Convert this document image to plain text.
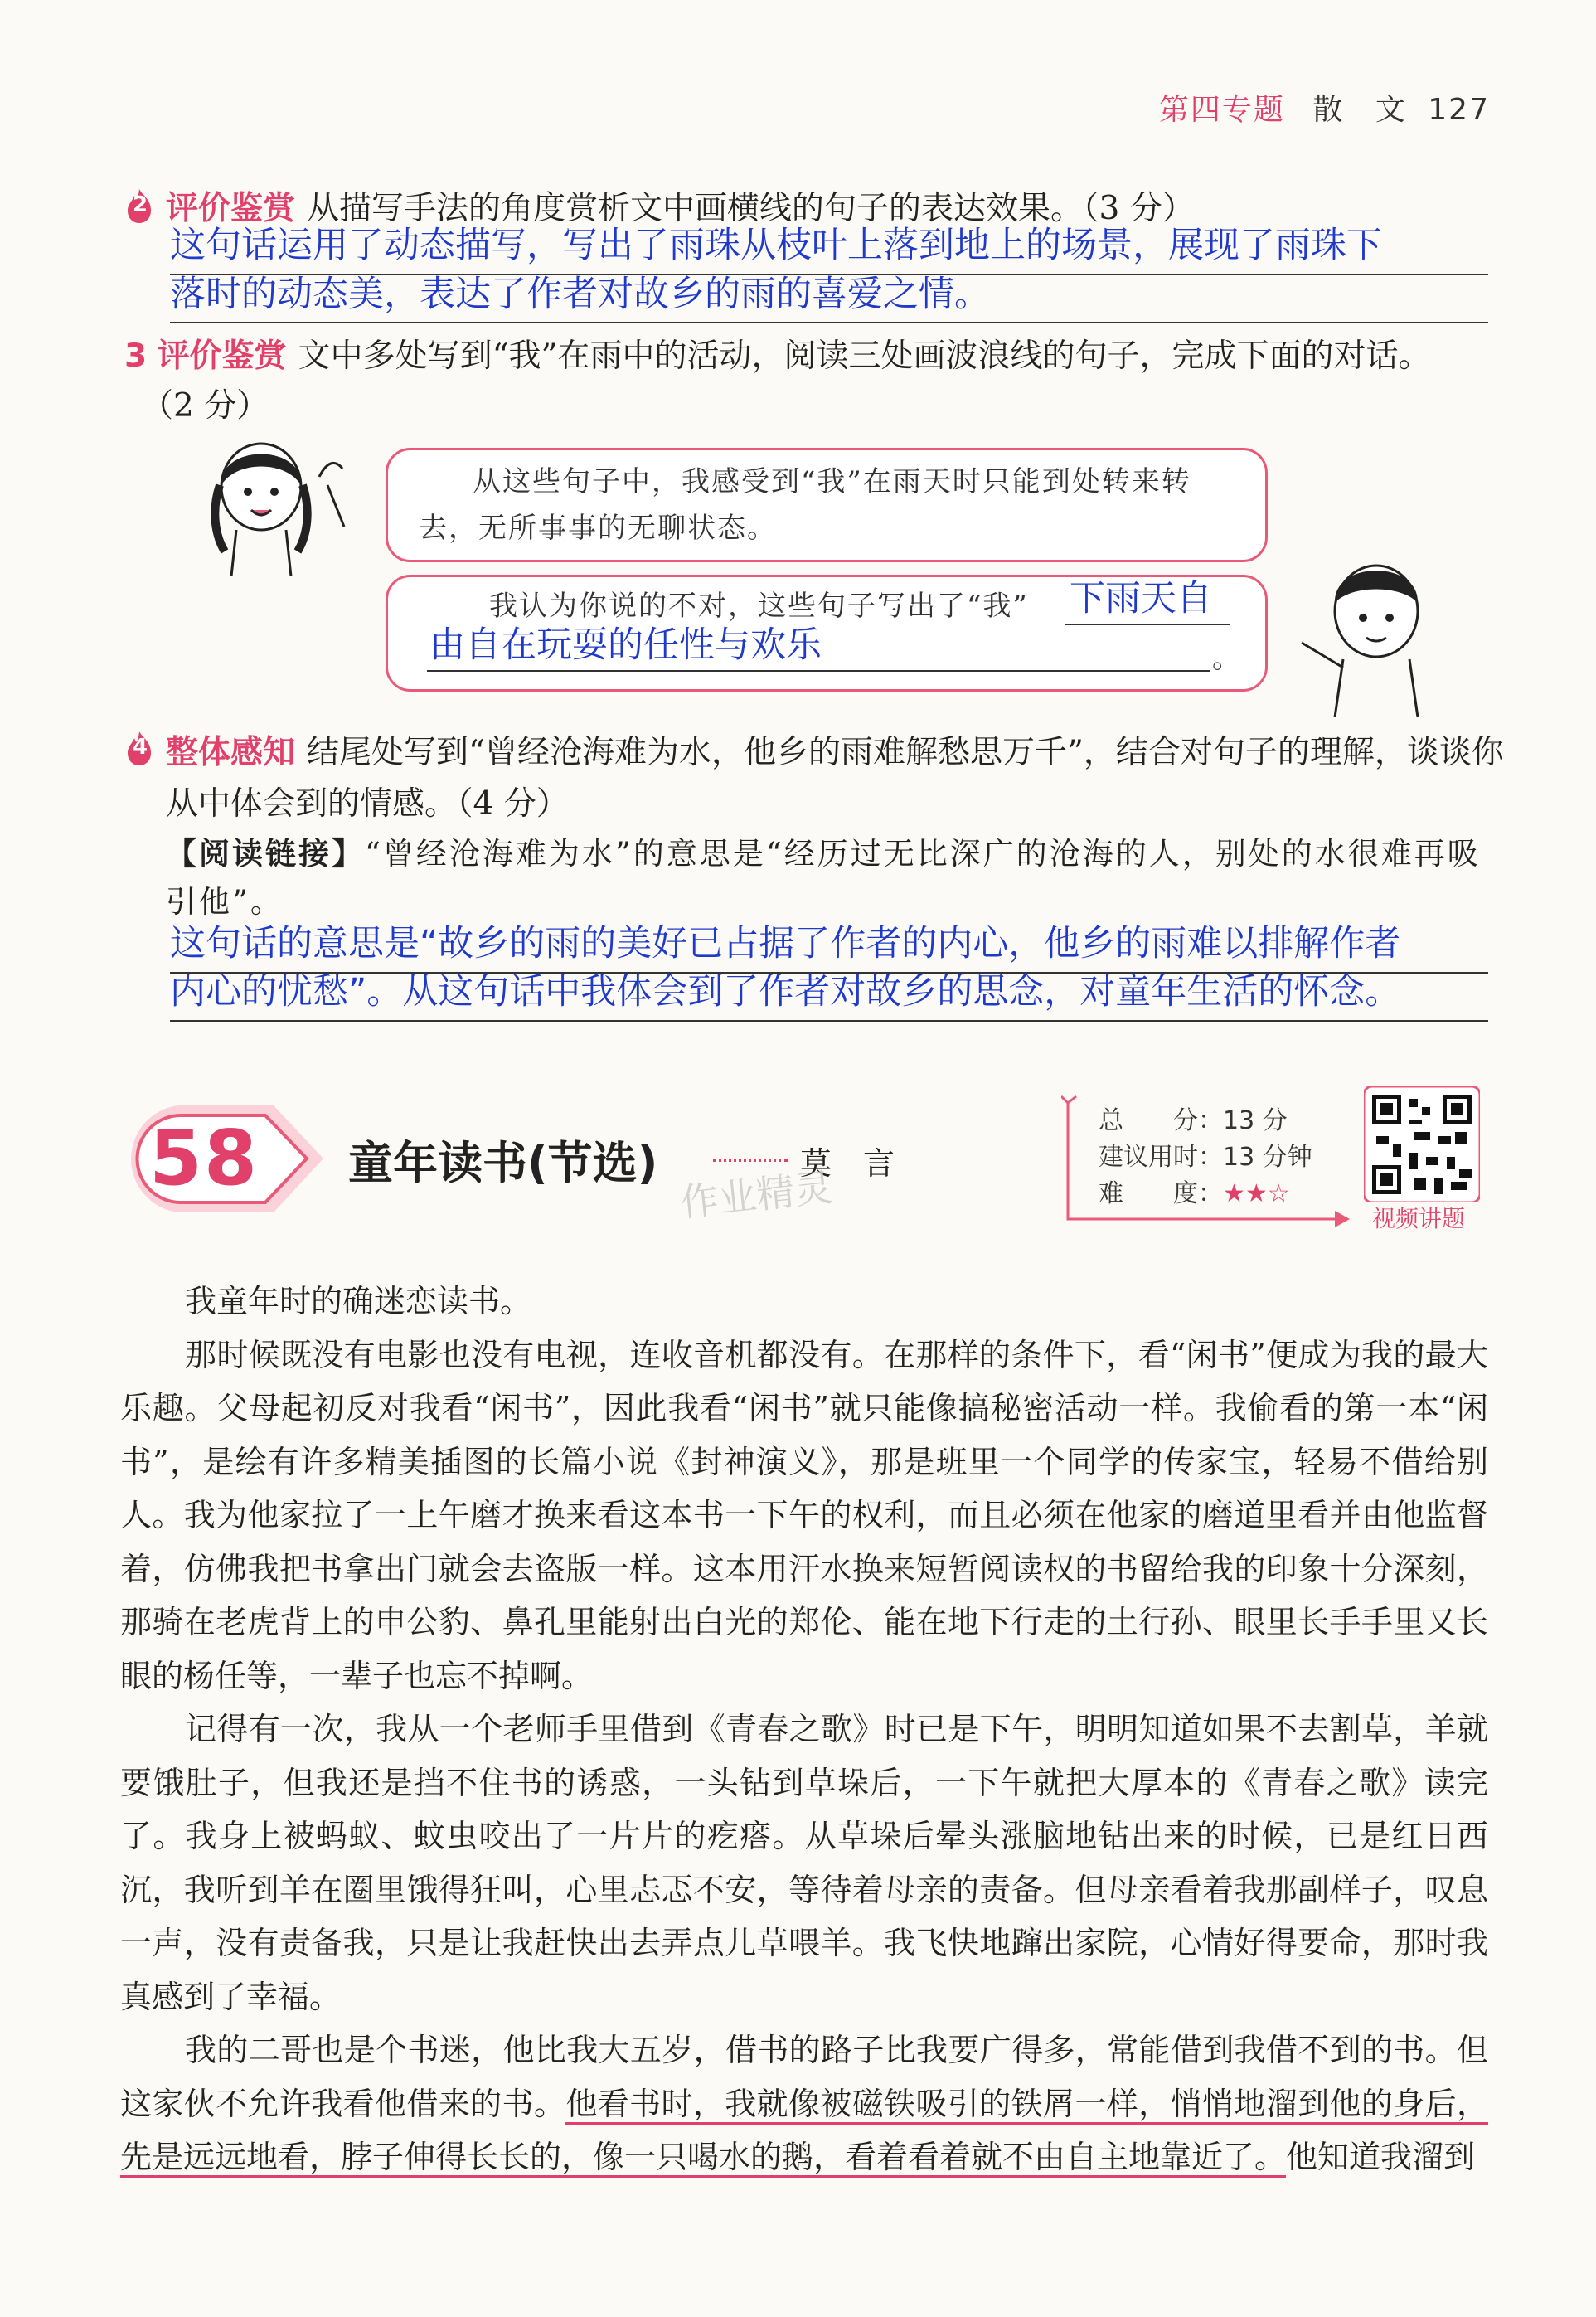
第四专题 散 文 127
2 评价鉴赏 从描写手法的角度赏析文中画横线的句子的表达效果。（3 分）
这句话运用了动态描写，写出了雨珠从枝叶上落到地上的场景，展现了雨珠下
落时的动态美，表达了作者对故乡的雨的喜爱之情。
3 评价鉴赏 文中多处写到“我”在雨中的活动，阅读三处画波浪线的句子，完成下面的对话。
（2 分）
从这些句子中，我感受到“我”在雨天时只能到处转来转
去，无所事事的无聊状态。
我认为你说的不对，这些句子写出了“我” 下雨天自
由自在玩耍的任性与欢乐	。
4 整体感知 结尾处写到“曾经沧海难为水，他乡的雨难解愁思万千”，结合对句子的理解，谈谈你
从中体会到的情感。（4 分）
【阅读链接】“曾经沧海难为水”的意思是“经历过无比深广的沧海的人，别处的水很难再吸
引他”。
这句话的意思是“故乡的雨的美好已占据了作者的内心，他乡的雨难以排解作者
内心的忧愁”。从这句话中我体会到了作者对故乡的思念，对童年生活的怀念。
58 童年读书(节选)	莫　言
作业精灵
总　　分：13 分
建议用时：13 分钟
难　　度：★★☆
视频讲题

我童年时的确迷恋读书。

那时候既没有电影也没有电视，连收音机都没有。在那样的条件下，看“闲书”便成为我的最大乐趣。父母起初反对我看“闲书”，因此我看“闲书”就只能像搞秘密活动一样。我偷看的第一本“闲书”，是绘有许多精美插图的长篇小说《封神演义》，那是班里一个同学的传家宝，轻易不借给别人。我为他家拉了一上午磨才换来看这本书一下午的权利，而且必须在他家的磨道里看并由他监督着，仿佛我把书拿出门就会去盗版一样。这本用汗水换来短暂阅读权的书留给我的印象十分深刻，那骑在老虎背上的申公豹、鼻孔里能射出白光的郑伦、能在地下行走的土行孙、眼里长手手里又长眼的杨任等，一辈子也忘不掉啊。

记得有一次，我从一个老师手里借到《青春之歌》时已是下午，明明知道如果不去割草，羊就要饿肚子，但我还是挡不住书的诱惑，一头钻到草垛后，一下午就把大厚本的《青春之歌》读完了。我身上被蚂蚁、蚊虫咬出了一片片的疙瘩。从草垛后晕头涨脑地钻出来的时候，已是红日西沉，我听到羊在圈里饿得狂叫，心里忐忑不安，等待着母亲的责备。但母亲看着我那副样子，叹息一声，没有责备我，只是让我赶快出去弄点儿草喂羊。我飞快地蹿出家院，心情好得要命，那时我真感到了幸福。

我的二哥也是个书迷，他比我大五岁，借书的路子比我要广得多，常能借到我借不到的书。但这家伙不允许我看他借来的书。他看书时，我就像被磁铁吸引的铁屑一样，悄悄地溜到他的身后，先是远远地看，脖子伸得长长的，像一只喝水的鹅，看着看着就不由自主地靠近了。他知道我溜到
